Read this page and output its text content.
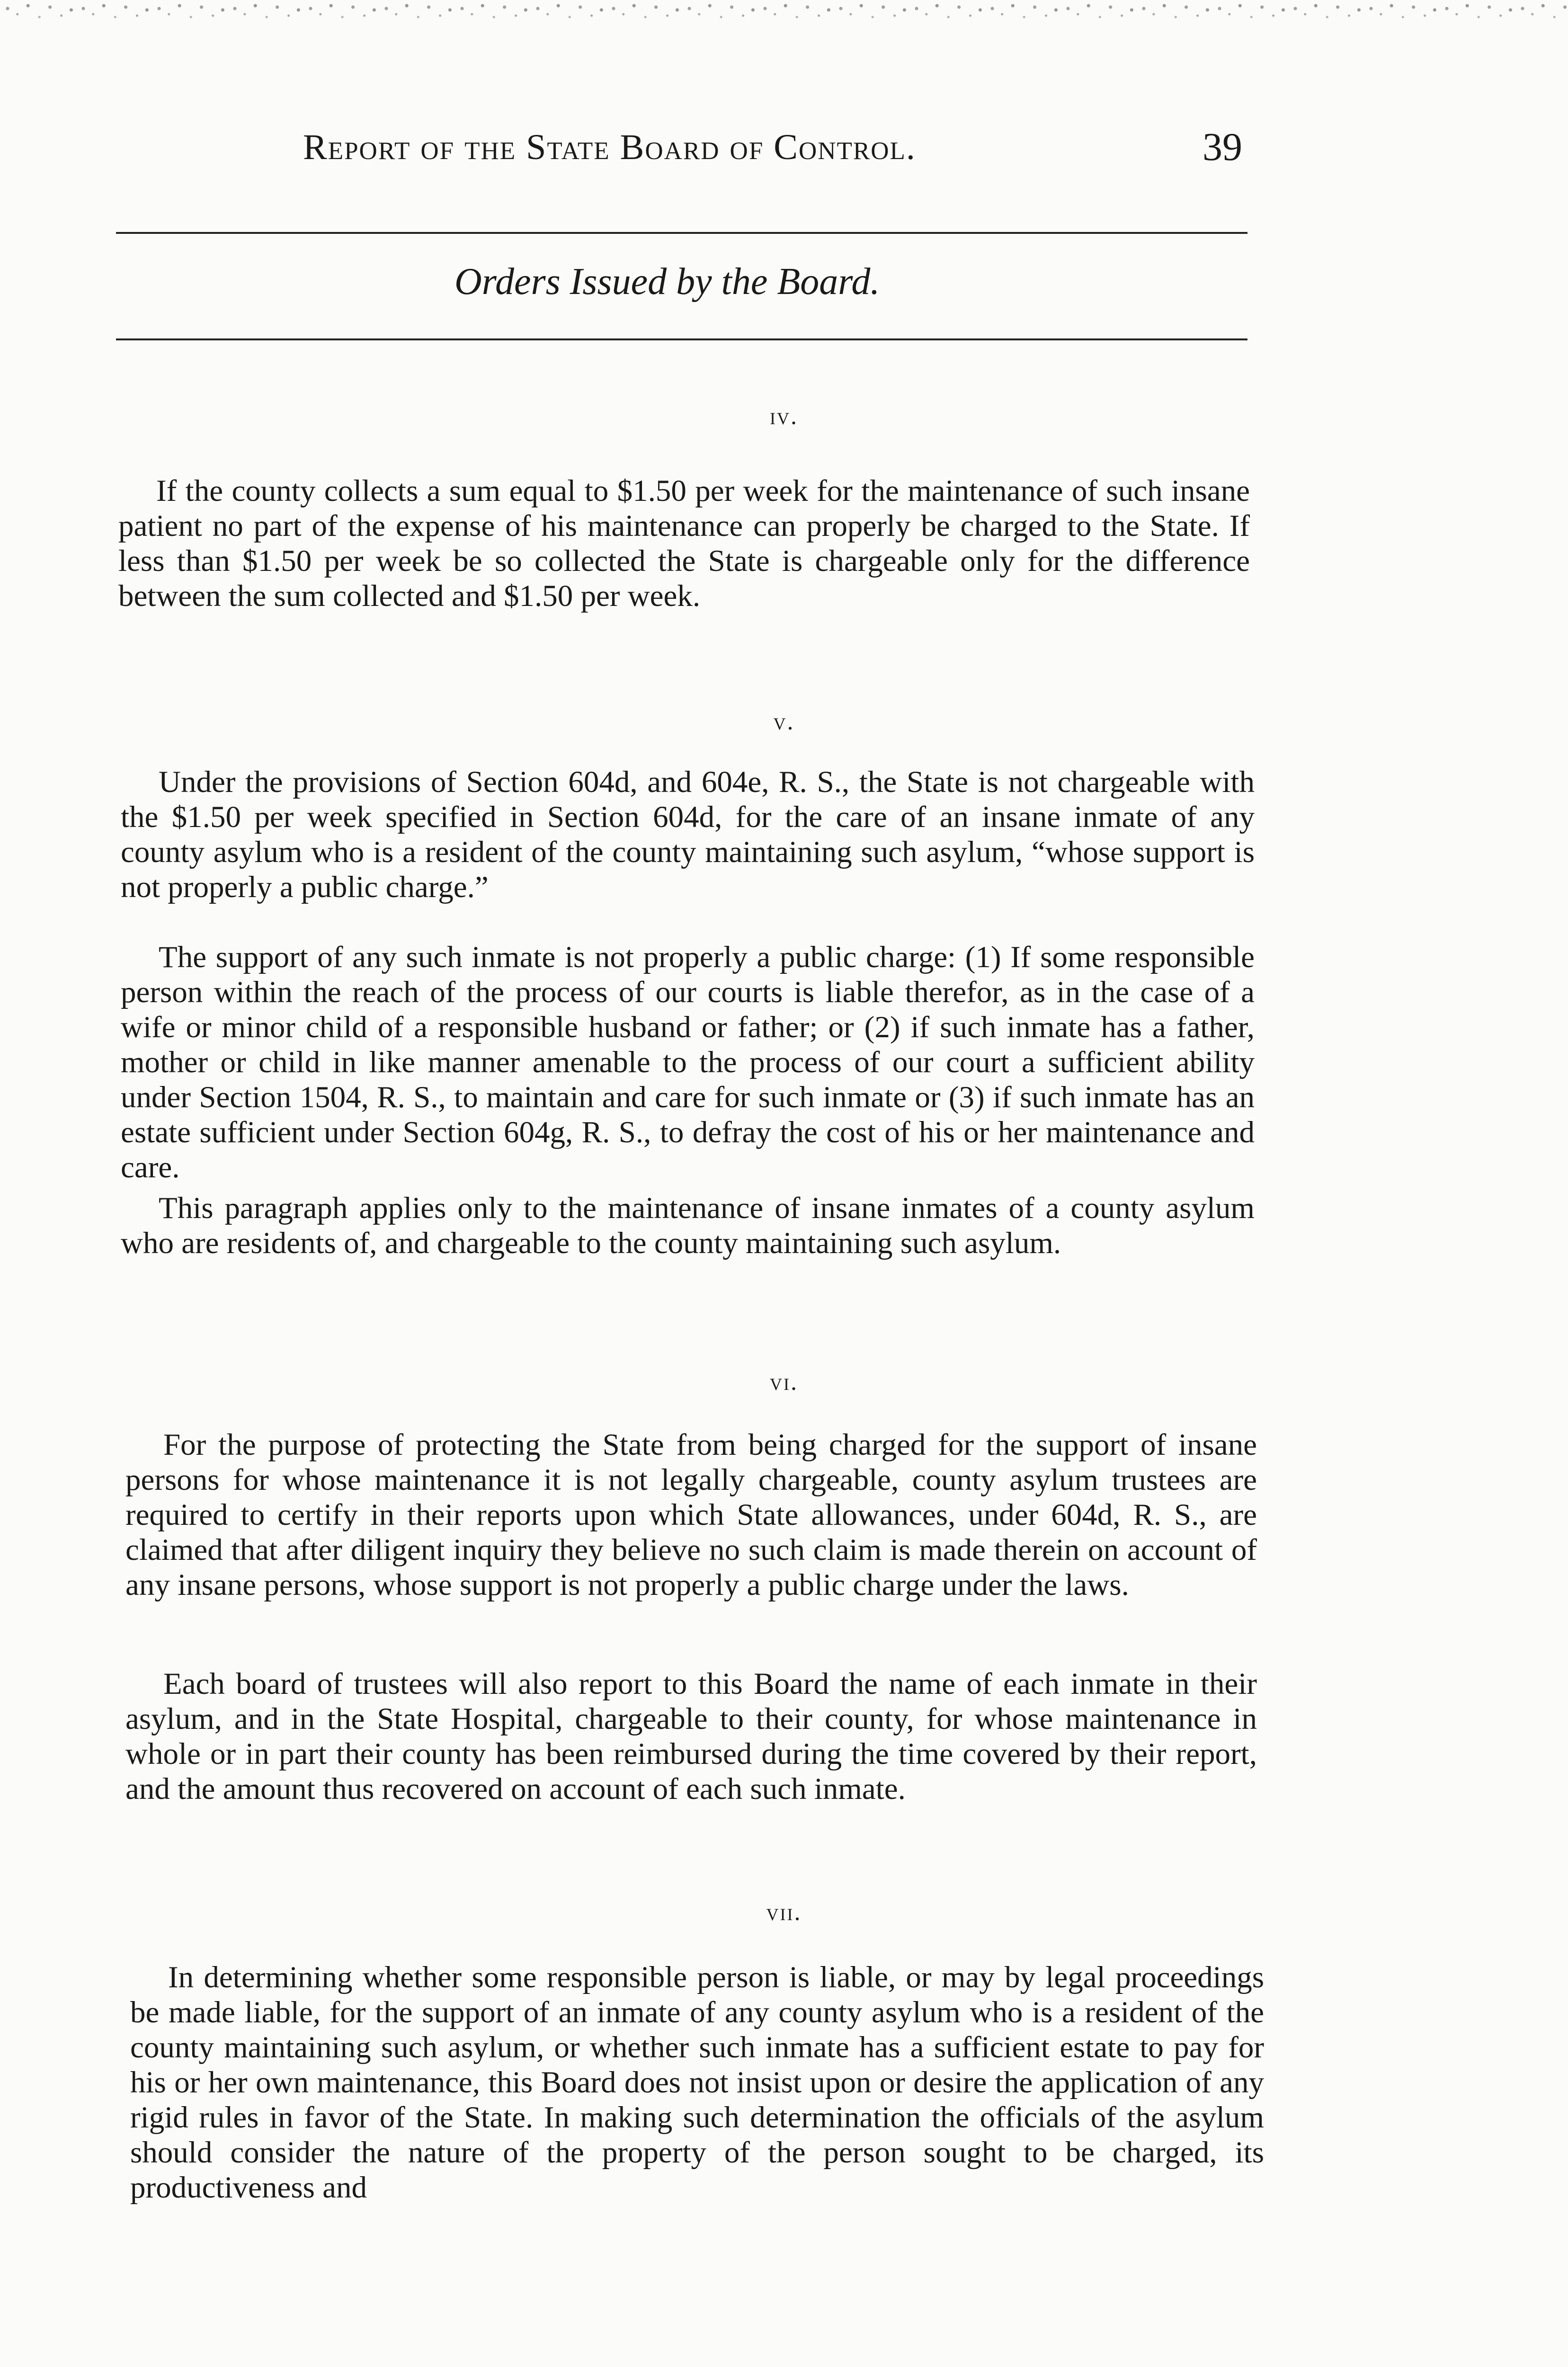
Report of the State Board of Control.	39
Orders Issued by the Board.
iv.

If the county collects a sum equal to $1.50 per week for the maintenance of such insane patient no part of the expense of his maintenance can properly be charged to the State. If less than $1.50 per week be so collected the State is chargeable only for the difference between the sum collected and $1.50 per week.

v.

Under the provisions of Section 604d, and 604e, R. S., the State is not chargeable with the $1.50 per week specified in Section 604d, for the care of an insane inmate of any county asylum who is a resident of the county maintaining such asylum, “whose support is not properly a public charge.”

The support of any such inmate is not properly a public charge: (1) If some responsible person within the reach of the process of our courts is liable therefor, as in the case of a wife or minor child of a responsible husband or father; or (2) if such inmate has a father, mother or child in like manner amenable to the process of our court a sufficient ability under Section 1504, R. S., to maintain and care for such inmate or (3) if such inmate has an estate sufficient under Section 604g, R. S., to defray the cost of his or her maintenance and care.

This paragraph applies only to the maintenance of insane inmates of a county asylum who are residents of, and chargeable to the county maintaining such asylum.

vi.

For the purpose of protecting the State from being charged for the support of insane persons for whose maintenance it is not legally chargeable, county asylum trustees are required to certify in their reports upon which State allowances, under 604d, R. S., are claimed that after diligent inquiry they believe no such claim is made therein on account of any insane persons, whose support is not properly a public charge under the laws.

Each board of trustees will also report to this Board the name of each inmate in their asylum, and in the State Hospital, chargeable to their county, for whose maintenance in whole or in part their county has been reimbursed during the time covered by their report, and the amount thus recovered on account of each such inmate.

vii.

In determining whether some responsible person is liable, or may by legal proceedings be made liable, for the support of an inmate of any county asylum who is a resident of the county maintaining such asylum, or whether such inmate has a sufficient estate to pay for his or her own maintenance, this Board does not insist upon or desire the application of any rigid rules in favor of the State. In making such determination the officials of the asylum should consider the nature of the property of the person sought to be charged, its productiveness and
